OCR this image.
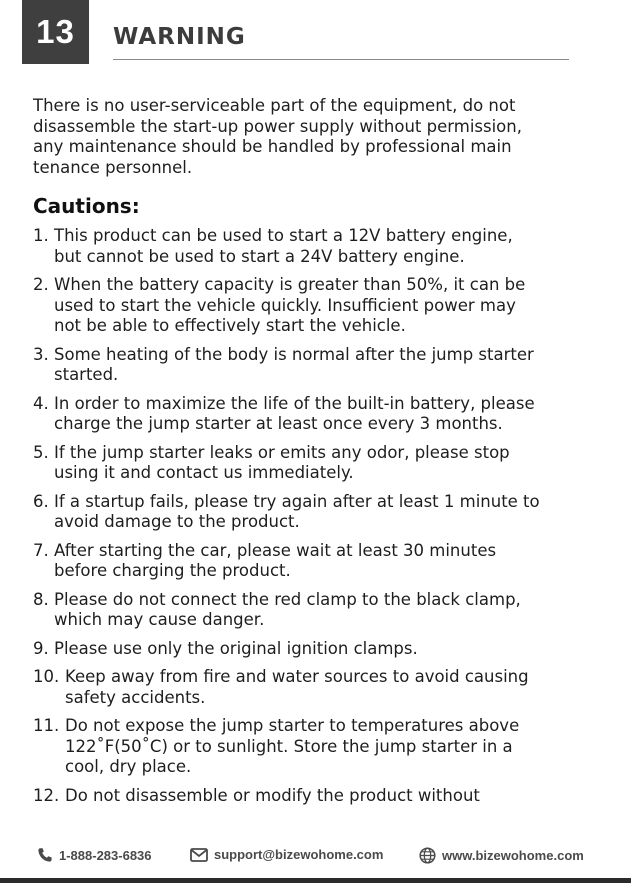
13	WARNING

There is no user-serviceable part of the equipment, do not
disassemble the start-up power supply without permission,
any maintenance should be handled by professional main
tenance personnel.

Cautions:
1. This product can be used to start a 12V battery engine,
but cannot be used to start a 24V battery engine.
2. When the battery capacity is greater than 50%, it can be
used to start the vehicle quickly. Insufficient power may
not be able to effectively start the vehicle.
3. Some heating of the body is normal after the jump starter
started.
4. In order to maximize the life of the built-in battery, please
charge the jump starter at least once every 3 months.
5. If the jump starter leaks or emits any odor, please stop
using it and contact us immediately.
6. If a startup fails, please try again after at least 1 minute to
avoid damage to the product.
7. After starting the car, please wait at least 30 minutes
before charging the product.
8. Please do not connect the red clamp to the black clamp,
which may cause danger.
9. Please use only the original ignition clamps.
10. Keep away from fire and water sources to avoid causing
safety accidents.
11. Do not expose the jump starter to temperatures above
122˚F(50˚C) or to sunlight. Store the jump starter in a
cool, dry place.
12. Do not disassemble or modify the product without
1-888-283-6836	support@bizewohome.com	www.bizewohome.com
